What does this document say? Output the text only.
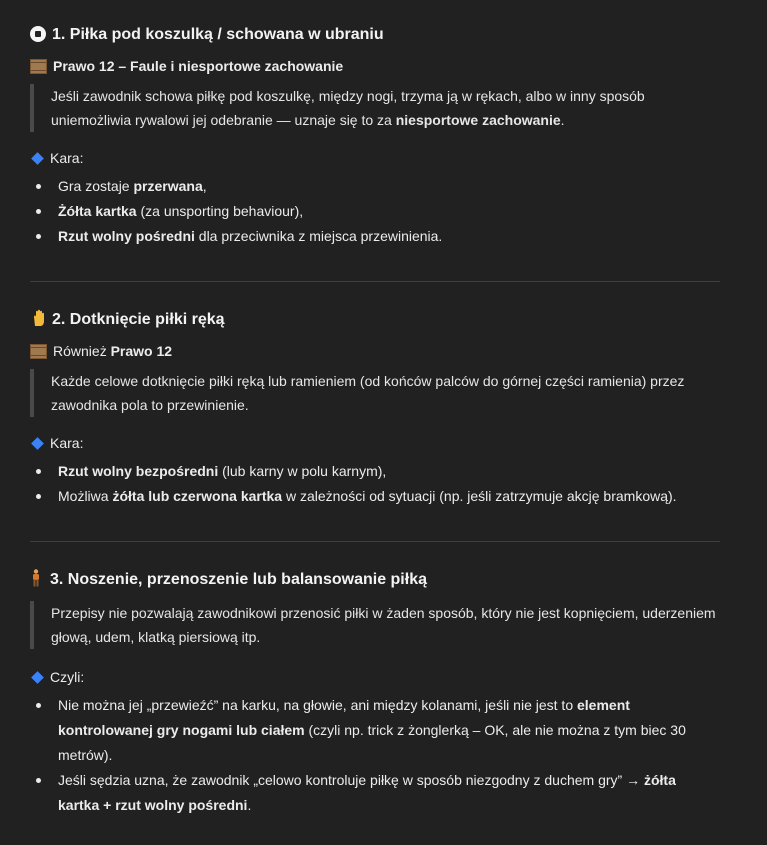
1. Piłka pod koszulką / schowana w ubraniu
Prawo 12 – Faule i niesportowe zachowanie
Jeśli zawodnik schowa piłkę pod koszulkę, między nogi, trzyma ją w rękach, albo w inny sposób uniemożliwia rywalowi jej odebranie — uznaje się to za niesportowe zachowanie.
Kara:
Gra zostaje przerwana,
Żółta kartka (za unsporting behaviour),
Rzut wolny pośredni dla przeciwnika z miejsca przewinienia.
2. Dotknięcie piłki ręką
Również Prawo 12
Każde celowe dotknięcie piłki ręką lub ramieniem (od końców palców do górnej części ramienia) przez zawodnika pola to przewinienie.
Kara:
Rzut wolny bezpośredni (lub karny w polu karnym),
Możliwa żółta lub czerwona kartka w zależności od sytuacji (np. jeśli zatrzymuje akcję bramkową).
3. Noszenie, przenoszenie lub balansowanie piłką
Przepisy nie pozwalają zawodnikowi przenosić piłki w żaden sposób, który nie jest kopnięciem, uderzeniem głową, udem, klatką piersiową itp.
Czyli:
Nie można jej „przewieźć” na karku, na głowie, ani między kolanami, jeśli nie jest to element kontrolowanej gry nogami lub ciałem (czyli np. trick z żonglerką – OK, ale nie można z tym biec 30 metrów).
Jeśli sędzia uzna, że zawodnik „celowo kontroluje piłkę w sposób niezgodny z duchem gry” → żółta kartka + rzut wolny pośredni.
